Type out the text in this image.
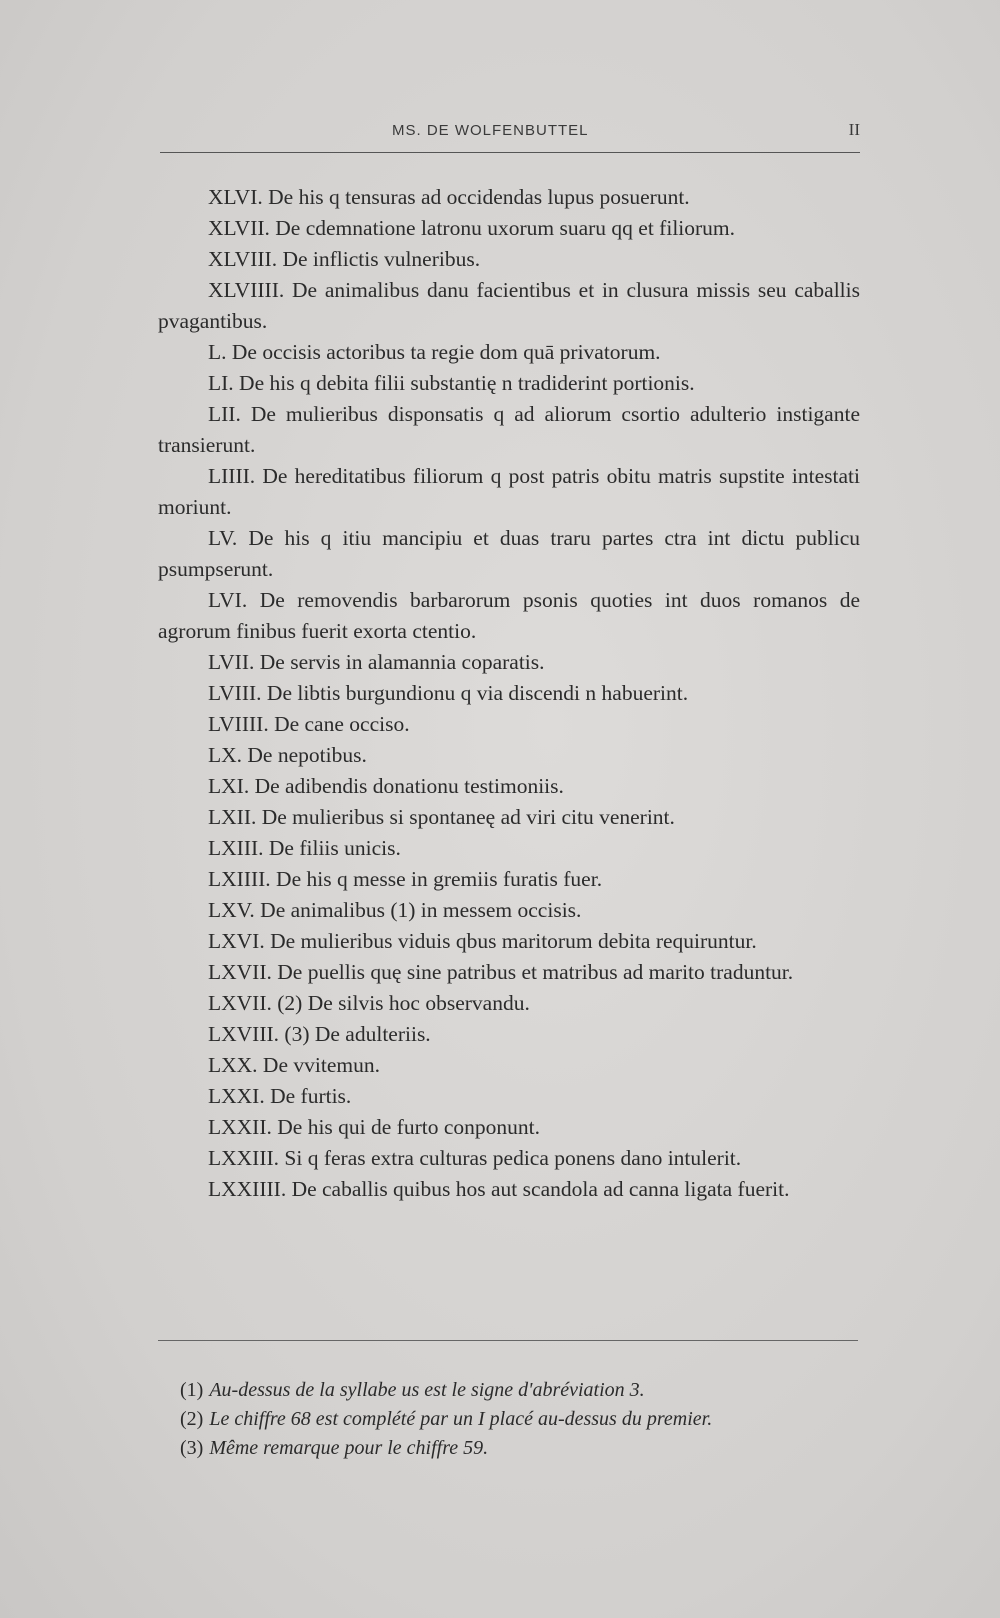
MS. DE WOLFENBUTTEL	II
XLVI. De his q tensuras ad occidendas lupus posuerunt.
XLVII. De cdemnatione latronu uxorum suaru qq et filiorum.
XLVIII. De inflictis vulneribus.
XLVIIII. De animalibus danu facientibus et in clusura missis seu caballis pvagantibus.
L. De occisis actoribus ta regie dom quā privatorum.
LI. De his q debita filii substantię n tradiderint portionis.
LII. De mulieribus disponsatis q ad aliorum csortio adulterio instigante transierunt.
LIIII. De hereditatibus filiorum q post patris obitu matris supstite intestati moriunt.
LV. De his q itiu mancipiu et duas traru partes ctra int dictu publicu psumpserunt.
LVI. De removendis barbarorum psonis quoties int duos romanos de agrorum finibus fuerit exorta ctentio.
LVII. De servis in alamannia coparatis.
LVIII. De libtis burgundionu q via discendi n habuerint.
LVIIII. De cane occiso.
LX. De nepotibus.
LXI. De adibendis donationu testimoniis.
LXII. De mulieribus si spontaneę ad viri citu venerint.
LXIII. De filiis unicis.
LXIIII. De his q messe in gremiis furatis fuer.
LXV. De animalibus (1) in messem occisis.
LXVI. De mulieribus viduis qbus maritorum debita requiruntur.
LXVII. De puellis quę sine patribus et matribus ad marito traduntur.
LXVII. (2) De silvis hoc observandu.
LXVIII. (3) De adulteriis.
LXX. De vvitemun.
LXXI. De furtis.
LXXII. De his qui de furto conponunt.
LXXIII. Si q feras extra culturas pedica ponens dano intulerit.
LXXIIII. De caballis quibus hos aut scandola ad canna ligata fuerit.
(1) Au-dessus de la syllabe us est le signe d'abréviation 3.
(2) Le chiffre 68 est complété par un I placé au-dessus du premier.
(3) Même remarque pour le chiffre 59.
